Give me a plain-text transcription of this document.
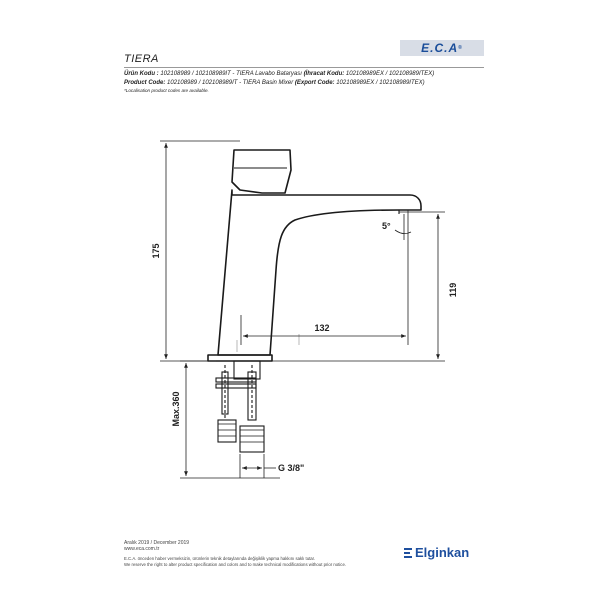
E.C.A®
TIERA
Ürün Kodu : 102108989 / 102108989IT - TIERA Lavabo Bataryası (İhracat Kodu: 102108989EX / 102108989ITEX)
Product Code: 102108989 / 102108989IT - TIERA Basin Mixer (Export Code: 102108989EX / 102108989ITEX)
*Localisation product codes are available.
175
Max.360
119
132
5°
G 3/8"
Aralık 2019 / December 2019
www.eca.com.tr
E.C.A. önceden haber vermeksizin, ürünlerin teknik detaylarında değişiklik yapma hakkını saklı tutar.
We reserve the right to alter product specification and colors and to make technical modifications without prior notice.
Elginkan
